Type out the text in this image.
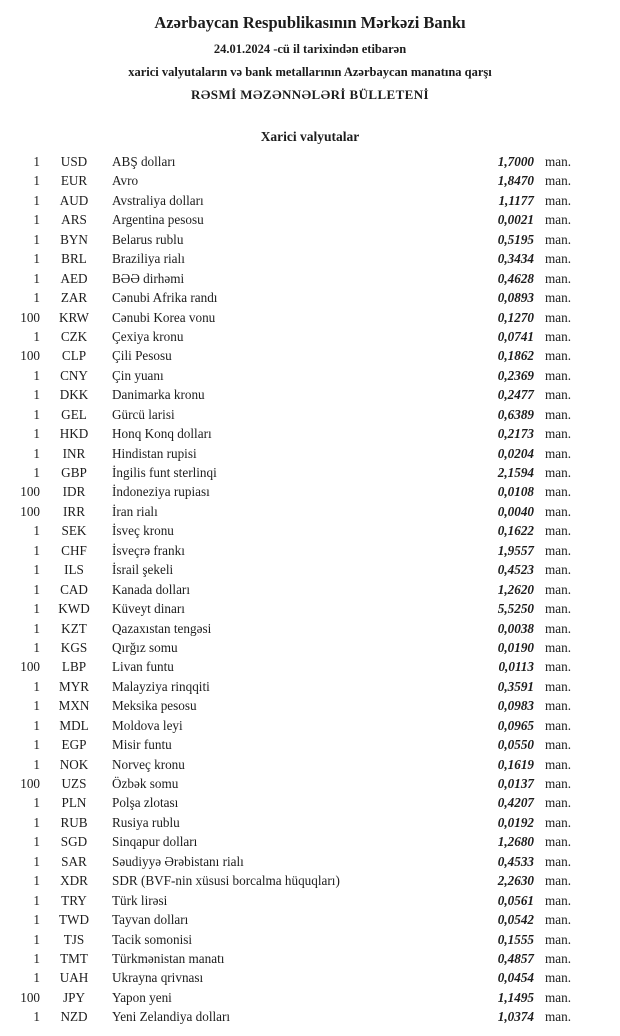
Azərbaycan Respublikasının Mərkəzi Bankı
24.01.2024 -cü il tarixindən etibarən
xarici valyutaların və bank metallarının Azərbaycan manatına qarşı
RƏSMİ MƏZƏNNƏLƏRİ BÜLLETENİ
Xarici valyutalar
1	USD	ABŞ dolları	1,7000 man.
1	EUR	Avro	1,8470 man.
1	AUD	Avstraliya dolları	1,1177 man.
1	ARS	Argentina pesosu	0,0021 man.
1	BYN	Belarus rublu	0,5195 man.
1	BRL	Braziliya rialı	0,3434 man.
1	AED	BƏƏ dirhəmi	0,4628 man.
1	ZAR	Cənubi Afrika randı	0,0893 man.
100	KRW	Cənubi Korea vonu	0,1270 man.
1	CZK	Çexiya kronu	0,0741 man.
100	CLP	Çili Pesosu	0,1862 man.
1	CNY	Çin yuanı	0,2369 man.
1	DKK	Danimarka kronu	0,2477 man.
1	GEL	Gürcü larisi	0,6389 man.
1	HKD	Honq Konq dolları	0,2173 man.
1	INR	Hindistan rupisi	0,0204 man.
1	GBP	İngilis funt sterlinqi	2,1594 man.
100	IDR	İndoneziya rupiası	0,0108 man.
100	IRR	İran rialı	0,0040 man.
1	SEK	İsveç kronu	0,1622 man.
1	CHF	İsveçrə frankı	1,9557 man.
1	ILS	İsrail şekeli	0,4523 man.
1	CAD	Kanada dolları	1,2620 man.
1	KWD	Küveyt dinarı	5,5250 man.
1	KZT	Qazaxıstan tengəsi	0,0038 man.
1	KGS	Qırğız somu	0,0190 man.
100	LBP	Livan funtu	0,0113 man.
1	MYR	Malayziya rinqqiti	0,3591 man.
1	MXN	Meksika pesosu	0,0983 man.
1	MDL	Moldova leyi	0,0965 man.
1	EGP	Misir funtu	0,0550 man.
1	NOK	Norveç kronu	0,1619 man.
100	UZS	Özbək somu	0,0137 man.
1	PLN	Polşa zlotası	0,4207 man.
1	RUB	Rusiya rublu	0,0192 man.
1	SGD	Sinqapur dolları	1,2680 man.
1	SAR	Səudiyyə Ərəbistanı rialı	0,4533 man.
1	XDR	SDR (BVF-nin xüsusi borcalma hüquqları)	2,2630 man.
1	TRY	Türk lirəsi	0,0561 man.
1	TWD	Tayvan dolları	0,0542 man.
1	TJS	Tacik somonisi	0,1555 man.
1	TMT	Türkmənistan manatı	0,4857 man.
1	UAH	Ukrayna qrivnası	0,0454 man.
100	JPY	Yapon yeni	1,1495 man.
1	NZD	Yeni Zelandiya dolları	1,0374 man.
